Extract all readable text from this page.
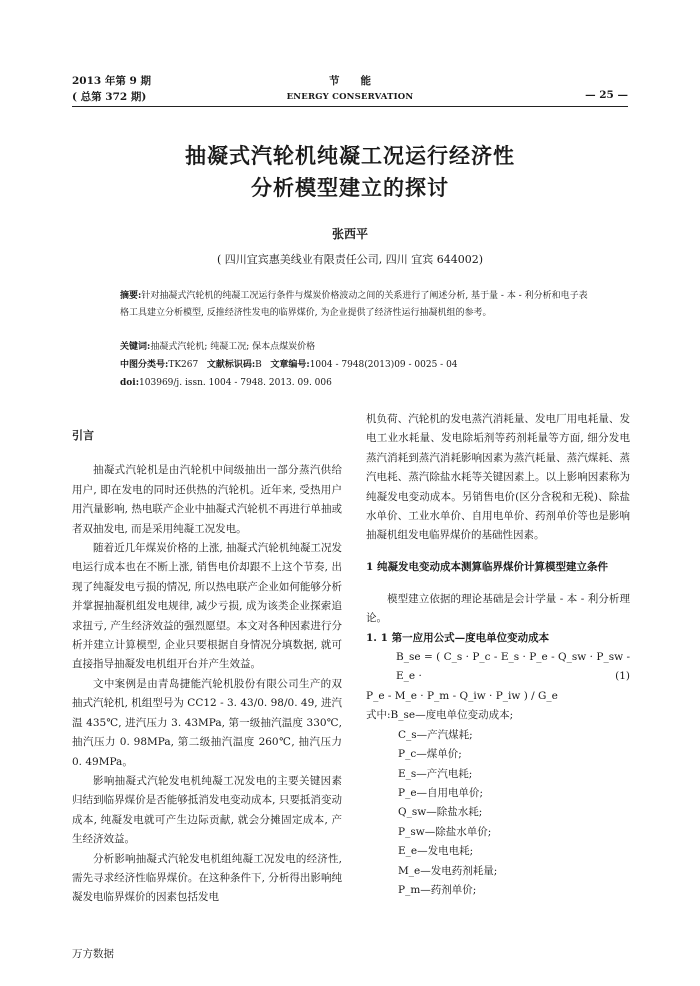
2013 年第 9 期
( 总第 372 期)
节　　能
ENERGY CONSERVATION	— 25 —
抽凝式汽轮机纯凝工况运行经济性
分析模型建立的探讨
张西平
( 四川宜宾惠美线业有限责任公司, 四川 宜宾 644002)
摘要:针对抽凝式汽轮机的纯凝工况运行条件与煤炭价格波动之间的关系进行了阐述分析, 基于量 - 本 - 利分析和电子表格工具建立分析模型, 反推经济性发电的临界煤价, 为企业提供了经济性运行抽凝机组的参考。
关键词:抽凝式汽轮机; 纯凝工况; 保本点煤炭价格
中图分类号:TK267 文献标识码:B 文章编号:1004 - 7948(2013)09 - 0025 - 04
doi:103969/j. issn. 1004 - 7948. 2013. 09. 006
引言

抽凝式汽轮机是由汽轮机中间级抽出一部分蒸汽供给用户, 即在发电的同时还供热的汽轮机。近年来, 受热用户用汽量影响, 热电联产企业中抽凝式汽轮机不再进行单抽或者双抽发电, 而是采用纯凝工况发电。

随着近几年煤炭价格的上涨, 抽凝式汽轮机纯凝工况发电运行成本也在不断上涨, 销售电价却跟不上这个节奏, 出现了纯凝发电亏损的情况, 所以热电联产企业如何能够分析并掌握抽凝机组发电规律, 减少亏损, 成为该类企业探索追求扭亏, 产生经济效益的强烈愿望。本文对各种因素进行分析并建立计算模型, 企业只要根据自身情况分填数据, 就可直接指导抽凝发电机组开台并产生效益。

文中案例是由青岛捷能汽轮机股份有限公司生产的双抽式汽轮机, 机组型号为 CC12 - 3. 43/0. 98/0. 49, 进汽温 435℃, 进汽压力 3. 43MPa, 第一级抽汽温度 330℃, 抽汽压力 0. 98MPa, 第二级抽汽温度 260℃, 抽汽压力 0. 49MPa。

影响抽凝式汽轮发电机纯凝工况发电的主要关键因素归结到临界煤价是否能够抵消发电变动成本, 只要抵消变动成本, 纯凝发电就可产生边际贡献, 就会分摊固定成本, 产生经济效益。

分析影响抽凝式汽轮发电机组纯凝工况发电的经济性, 需先寻求经济性临界煤价。在这种条件下, 分析得出影响纯凝发电临界煤价的因素包括发电

机负荷、汽轮机的发电蒸汽消耗量、发电厂用电耗量、发电工业水耗量、发电除垢剂等药剂耗量等方面, 细分发电蒸汽消耗到蒸汽消耗影响因素为蒸汽耗量、蒸汽煤耗、蒸汽电耗、蒸汽除盐水耗等关键因素上。以上影响因素称为纯凝发电变动成本。另销售电价(区分含税和无税)、除盐水单价、工业水单价、自用电单价、药剂单价等也是影响抽凝机组发电临界煤价的基础性因素。

1 纯凝发电变动成本测算临界煤价计算模型建立条件

模型建立依据的理论基础是会计学量 - 本 - 利分析理论。

1. 1 第一应用公式—度电单位变动成本
B_se = ( C_s · P_c - E_s · P_e - Q_sw · P_sw - E_e ·
P_e - M_e · P_m - Q_iw · P_iw ) / G_e
(1)
式中:B_se—度电单位变动成本;
C_s—产汽煤耗;
P_c—煤单价;
E_s—产汽电耗;
P_e—自用电单价;
Q_sw—除盐水耗;
P_sw—除盐水单价;
E_e—发电电耗;
M_e—发电药剂耗量;
P_m—药剂单价;
万方数据
